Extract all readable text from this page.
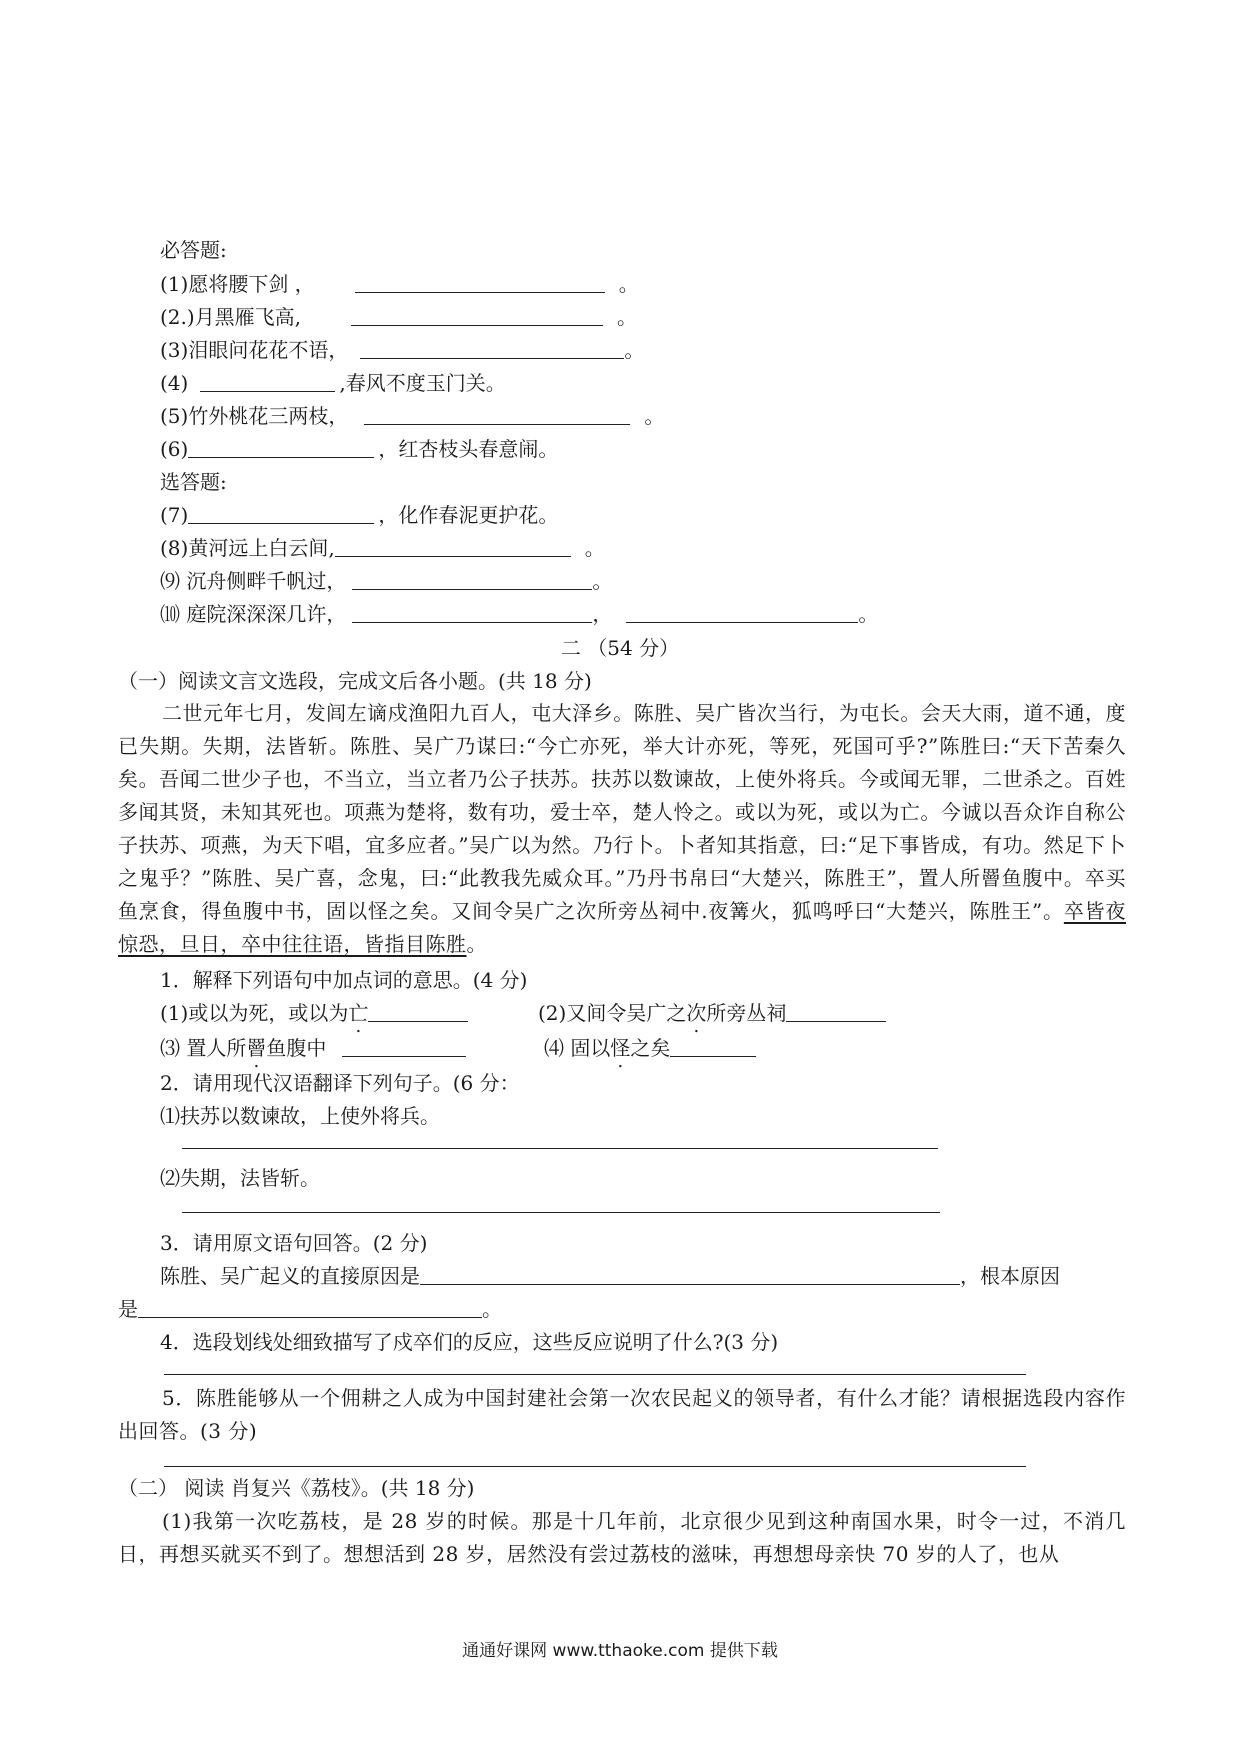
必答题:
(1)愿将腰下剑 ，	。
(2.)月黑雁飞高,	。
(3)泪眼问花花不语，	。
(4)	,春风不度玉门关。
(5)竹外桃花三两枝，	。
(6)	，红杏枝头春意闹。
选答题:
(7)	，化作春泥更护花。
(8)黄河远上白云间,	。
⑼ 沉舟侧畔千帆过，	。
⑽ 庭院深深深几许，	，	。
二 （54 分）
（一）阅读文言文选段，完成文后各小题。(共 18 分)

二世元年七月，发闾左谪戍渔阳九百人，屯大泽乡。陈胜、吴广皆次当行，为屯长。会天大雨，道不通，度已失期。失期，法皆斩。陈胜、吴广乃谋曰:“今亡亦死，举大计亦死，等死，死国可乎?”陈胜曰:“天下苦秦久矣。吾闻二世少子也，不当立，当立者乃公子扶苏。扶苏以数谏故，上使外将兵。今或闻无罪，二世杀之。百姓多闻其贤，未知其死也。项燕为楚将，数有功，爱士卒，楚人怜之。或以为死，或以为亡。今诚以吾众诈自称公子扶苏、项燕，为天下唱，宜多应者。”吴广以为然。乃行卜。卜者知其指意，曰:“足下事皆成，有功。然足下卜之鬼乎？”陈胜、吴广喜，念鬼，曰:“此教我先威众耳。”乃丹书帛曰“大楚兴，陈胜王”，置人所罾鱼腹中。卒买鱼烹食，得鱼腹中书，固以怪之矣。又间令吴广之次所旁丛祠中.夜篝火，狐鸣呼曰“大楚兴，陈胜王”。卒皆夜惊恐，旦日，卒中往往语，皆指目陈胜。

1．解释下列语句中加点词的意思。(4 分)
(1)或以为死，或以为亡	(2)又间令吴广之次所旁丛祠
⑶ 置人所罾鱼腹中	⑷ 固以怪之矣
2．请用现代汉语翻译下列句子。(6 分：
⑴扶苏以数谏故，上使外将兵。
⑵失期，法皆斩。
3．请用原文语句回答。(2 分)
陈胜、吴广起义的直接原因是	，根本原因
是	。
4．选段划线处细致描写了戍卒们的反应，这些反应说明了什么?(3 分)

5．陈胜能够从一个佣耕之人成为中国封建社会第一次农民起义的领导者，有什么才能？请根据选段内容作出回答。(3 分)

（二） 阅读 肖复兴《荔枝》。(共 18 分)

(1)我第一次吃荔枝，是 28 岁的时候。那是十几年前，北京很少见到这种南国水果，时令一过，不消几日，再想买就买不到了。想想活到 28 岁，居然没有尝过荔枝的滋味，再想想母亲快 70 岁的人了，也从

通通好课网 www.tthaoke.com 提供下载
